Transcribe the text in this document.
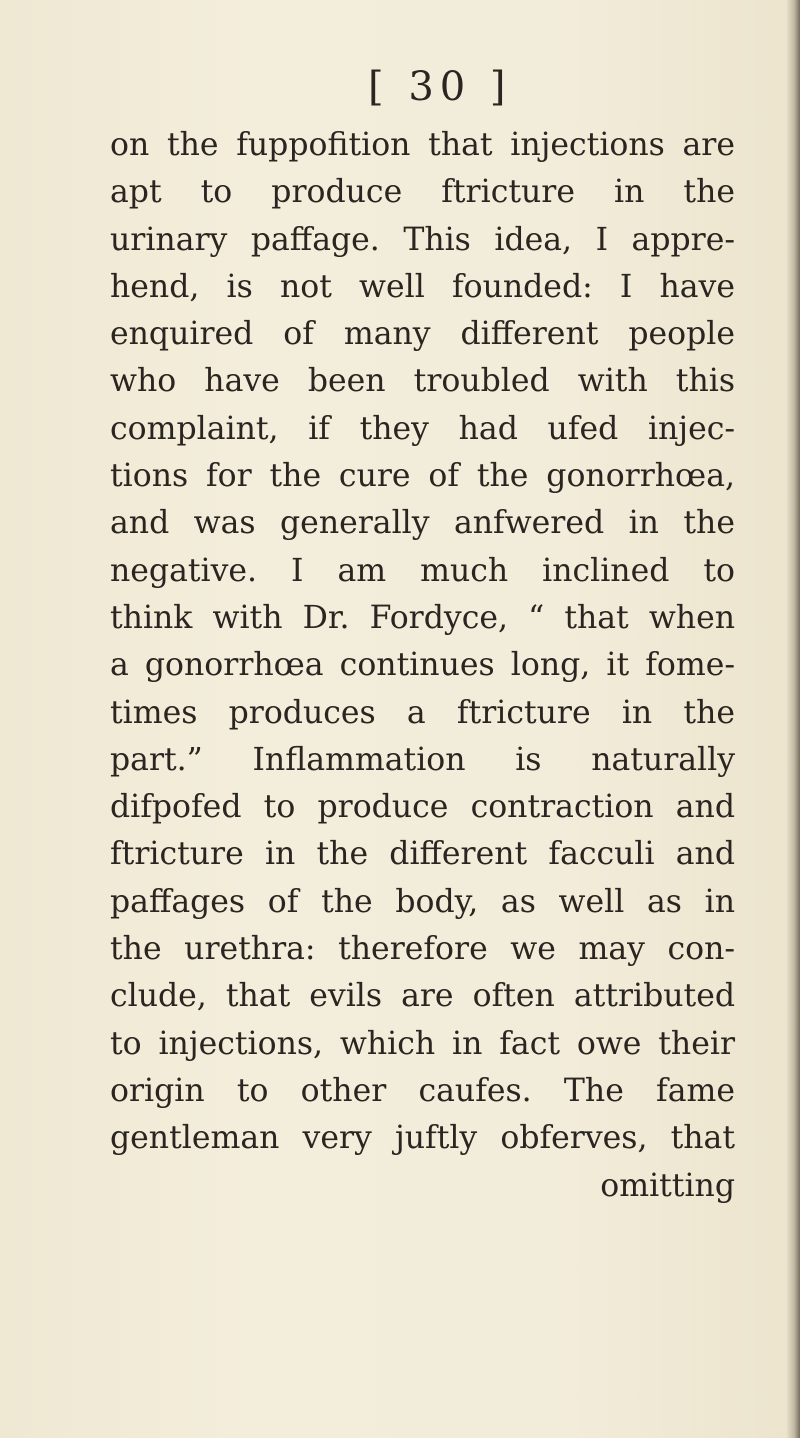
[ 30 ]
on the fuppofition that injections are
apt to produce ftricture in the
urinary paffage. This idea, I appre-
hend, is not well founded: I have
enquired of many different people
who have been troubled with this
complaint, if they had ufed injec-
tions for the cure of the gonorrhœa,
and was generally anfwered in the
negative. I am much inclined to
think with Dr. Fordyce, “ that when
a gonorrhœa continues long, it fome-
times produces a ftricture in the
part.” Inflammation is naturally
difpofed to produce contraction and
ftricture in the different facculi and
paffages of the body, as well as in
the urethra: therefore we may con-
clude, that evils are often attributed
to injections, which in fact owe their
origin to other caufes. The fame
gentleman very juftly obferves, that
omitting
